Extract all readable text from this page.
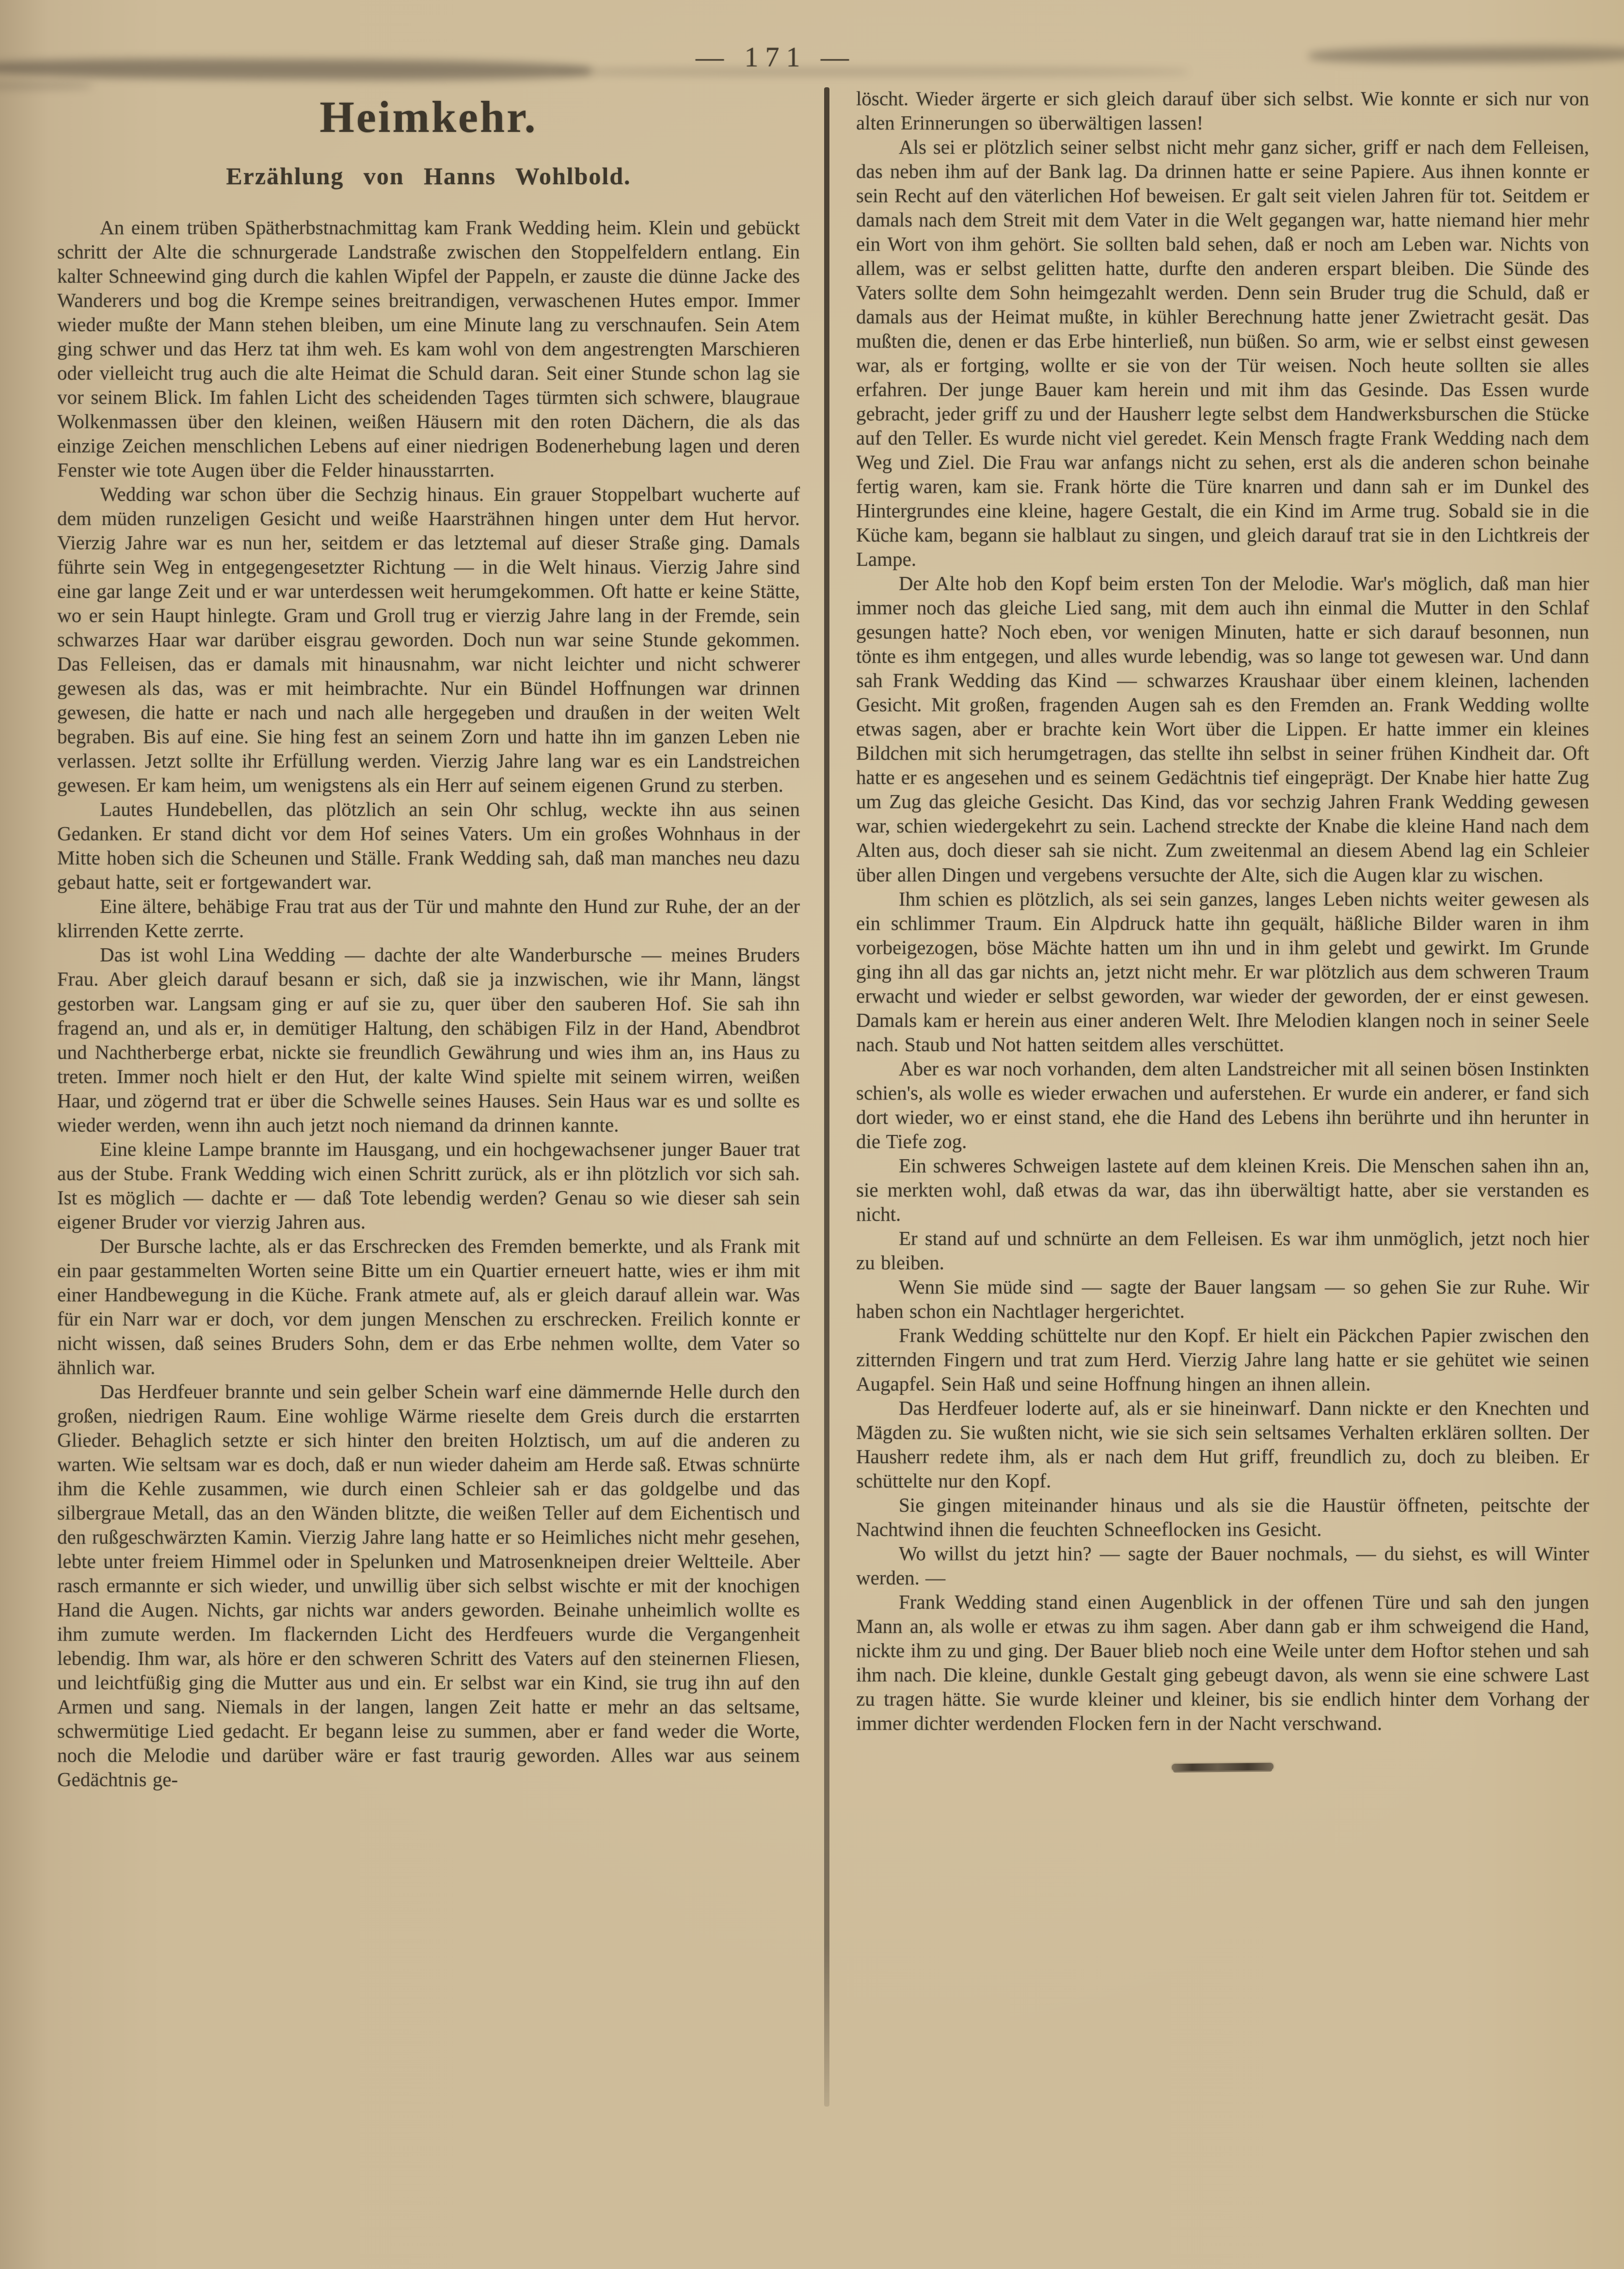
— 171 —
Heimkehr.
Erzählung von Hanns Wohlbold.

An einem trüben Spätherbstnachmittag kam Frank Wedding heim. Klein und gebückt schritt der Alte die schnurgerade Landstraße zwischen den Stoppelfeldern entlang. Ein kalter Schneewind ging durch die kahlen Wipfel der Pappeln, er zauste die dünne Jacke des Wanderers und bog die Krempe seines breitrandigen, verwaschenen Hutes empor. Immer wieder mußte der Mann stehen bleiben, um eine Minute lang zu verschnaufen. Sein Atem ging schwer und das Herz tat ihm weh. Es kam wohl von dem angestrengten Marschieren oder vielleicht trug auch die alte Heimat die Schuld daran. Seit einer Stunde schon lag sie vor seinem Blick. Im fahlen Licht des scheidenden Tages türmten sich schwere, blaugraue Wolkenmassen über den kleinen, weißen Häusern mit den roten Dächern, die als das einzige Zeichen menschlichen Lebens auf einer niedrigen Bodenerhebung lagen und deren Fenster wie tote Augen über die Felder hinausstarrten.

Wedding war schon über die Sechzig hinaus. Ein grauer Stoppelbart wucherte auf dem müden runzeligen Gesicht und weiße Haarsträhnen hingen unter dem Hut hervor. Vierzig Jahre war es nun her, seitdem er das letztemal auf dieser Straße ging. Damals führte sein Weg in entgegengesetzter Richtung — in die Welt hinaus. Vierzig Jahre sind eine gar lange Zeit und er war unterdessen weit herumgekommen. Oft hatte er keine Stätte, wo er sein Haupt hinlegte. Gram und Groll trug er vierzig Jahre lang in der Fremde, sein schwarzes Haar war darüber eisgrau geworden. Doch nun war seine Stunde gekommen. Das Felleisen, das er damals mit hinausnahm, war nicht leichter und nicht schwerer gewesen als das, was er mit heimbrachte. Nur ein Bündel Hoffnungen war drinnen gewesen, die hatte er nach und nach alle hergegeben und draußen in der weiten Welt begraben. Bis auf eine. Sie hing fest an seinem Zorn und hatte ihn im ganzen Leben nie verlassen. Jetzt sollte ihr Erfüllung werden. Vierzig Jahre lang war es ein Landstreichen gewesen. Er kam heim, um wenigstens als ein Herr auf seinem eigenen Grund zu sterben.

Lautes Hundebellen, das plötzlich an sein Ohr schlug, weckte ihn aus seinen Gedanken. Er stand dicht vor dem Hof seines Vaters. Um ein großes Wohnhaus in der Mitte hoben sich die Scheunen und Ställe. Frank Wedding sah, daß man manches neu dazu gebaut hatte, seit er fortgewandert war.

Eine ältere, behäbige Frau trat aus der Tür und mahnte den Hund zur Ruhe, der an der klirrenden Kette zerrte.

Das ist wohl Lina Wedding — dachte der alte Wanderbursche — meines Bruders Frau. Aber gleich darauf besann er sich, daß sie ja inzwischen, wie ihr Mann, längst gestorben war. Langsam ging er auf sie zu, quer über den sauberen Hof. Sie sah ihn fragend an, und als er, in demütiger Haltung, den schäbigen Filz in der Hand, Abendbrot und Nachtherberge erbat, nickte sie freundlich Gewährung und wies ihm an, ins Haus zu treten. Immer noch hielt er den Hut, der kalte Wind spielte mit seinem wirren, weißen Haar, und zögernd trat er über die Schwelle seines Hauses. Sein Haus war es und sollte es wieder werden, wenn ihn auch jetzt noch niemand da drinnen kannte.

Eine kleine Lampe brannte im Hausgang, und ein hochgewachsener junger Bauer trat aus der Stube. Frank Wedding wich einen Schritt zurück, als er ihn plötzlich vor sich sah. Ist es möglich — dachte er — daß Tote lebendig werden? Genau so wie dieser sah sein eigener Bruder vor vierzig Jahren aus.

Der Bursche lachte, als er das Erschrecken des Fremden bemerkte, und als Frank mit ein paar gestammelten Worten seine Bitte um ein Quartier erneuert hatte, wies er ihm mit einer Handbewegung in die Küche. Frank atmete auf, als er gleich darauf allein war. Was für ein Narr war er doch, vor dem jungen Menschen zu erschrecken. Freilich konnte er nicht wissen, daß seines Bruders Sohn, dem er das Erbe nehmen wollte, dem Vater so ähnlich war.

Das Herdfeuer brannte und sein gelber Schein warf eine dämmernde Helle durch den großen, niedrigen Raum. Eine wohlige Wärme rieselte dem Greis durch die erstarrten Glieder. Behaglich setzte er sich hinter den breiten Holztisch, um auf die anderen zu warten. Wie seltsam war es doch, daß er nun wieder daheim am Herde saß. Etwas schnürte ihm die Kehle zusammen, wie durch einen Schleier sah er das goldgelbe und das silbergraue Metall, das an den Wänden blitzte, die weißen Teller auf dem Eichentisch und den rußgeschwärzten Kamin. Vierzig Jahre lang hatte er so Heimliches nicht mehr gesehen, lebte unter freiem Himmel oder in Spelunken und Matrosenkneipen dreier Weltteile. Aber rasch ermannte er sich wieder, und unwillig über sich selbst wischte er mit der knochigen Hand die Augen. Nichts, gar nichts war anders geworden. Beinahe unheimlich wollte es ihm zumute werden. Im flackernden Licht des Herdfeuers wurde die Vergangenheit lebendig. Ihm war, als höre er den schweren Schritt des Vaters auf den steinernen Fliesen, und leichtfüßig ging die Mutter aus und ein. Er selbst war ein Kind, sie trug ihn auf den Armen und sang. Niemals in der langen, langen Zeit hatte er mehr an das seltsame, schwermütige Lied gedacht. Er begann leise zu summen, aber er fand weder die Worte, noch die Melodie und darüber wäre er fast traurig geworden. Alles war aus seinem Gedächtnis ge-

löscht. Wieder ärgerte er sich gleich darauf über sich selbst. Wie konnte er sich nur von alten Erinnerungen so überwältigen lassen!

Als sei er plötzlich seiner selbst nicht mehr ganz sicher, griff er nach dem Felleisen, das neben ihm auf der Bank lag. Da drinnen hatte er seine Papiere. Aus ihnen konnte er sein Recht auf den väterlichen Hof beweisen. Er galt seit vielen Jahren für tot. Seitdem er damals nach dem Streit mit dem Vater in die Welt gegangen war, hatte niemand hier mehr ein Wort von ihm gehört. Sie sollten bald sehen, daß er noch am Leben war. Nichts von allem, was er selbst gelitten hatte, durfte den anderen erspart bleiben. Die Sünde des Vaters sollte dem Sohn heimgezahlt werden. Denn sein Bruder trug die Schuld, daß er damals aus der Heimat mußte, in kühler Berechnung hatte jener Zwietracht gesät. Das mußten die, denen er das Erbe hinterließ, nun büßen. So arm, wie er selbst einst gewesen war, als er fortging, wollte er sie von der Tür weisen. Noch heute sollten sie alles erfahren. Der junge Bauer kam herein und mit ihm das Gesinde. Das Essen wurde gebracht, jeder griff zu und der Hausherr legte selbst dem Handwerksburschen die Stücke auf den Teller. Es wurde nicht viel geredet. Kein Mensch fragte Frank Wedding nach dem Weg und Ziel. Die Frau war anfangs nicht zu sehen, erst als die anderen schon beinahe fertig waren, kam sie. Frank hörte die Türe knarren und dann sah er im Dunkel des Hintergrundes eine kleine, hagere Gestalt, die ein Kind im Arme trug. Sobald sie in die Küche kam, begann sie halblaut zu singen, und gleich darauf trat sie in den Lichtkreis der Lampe.

Der Alte hob den Kopf beim ersten Ton der Melodie. War's möglich, daß man hier immer noch das gleiche Lied sang, mit dem auch ihn einmal die Mutter in den Schlaf gesungen hatte? Noch eben, vor wenigen Minuten, hatte er sich darauf besonnen, nun tönte es ihm entgegen, und alles wurde lebendig, was so lange tot gewesen war. Und dann sah Frank Wedding das Kind — schwarzes Kraushaar über einem kleinen, lachenden Gesicht. Mit großen, fragenden Augen sah es den Fremden an. Frank Wedding wollte etwas sagen, aber er brachte kein Wort über die Lippen. Er hatte immer ein kleines Bildchen mit sich herumgetragen, das stellte ihn selbst in seiner frühen Kindheit dar. Oft hatte er es angesehen und es seinem Gedächtnis tief eingeprägt. Der Knabe hier hatte Zug um Zug das gleiche Gesicht. Das Kind, das vor sechzig Jahren Frank Wedding gewesen war, schien wiedergekehrt zu sein. Lachend streckte der Knabe die kleine Hand nach dem Alten aus, doch dieser sah sie nicht. Zum zweitenmal an diesem Abend lag ein Schleier über allen Dingen und vergebens versuchte der Alte, sich die Augen klar zu wischen.

Ihm schien es plötzlich, als sei sein ganzes, langes Leben nichts weiter gewesen als ein schlimmer Traum. Ein Alpdruck hatte ihn gequält, häßliche Bilder waren in ihm vorbeigezogen, böse Mächte hatten um ihn und in ihm gelebt und gewirkt. Im Grunde ging ihn all das gar nichts an, jetzt nicht mehr. Er war plötzlich aus dem schweren Traum erwacht und wieder er selbst geworden, war wieder der geworden, der er einst gewesen. Damals kam er herein aus einer anderen Welt. Ihre Melodien klangen noch in seiner Seele nach. Staub und Not hatten seitdem alles verschüttet.

Aber es war noch vorhanden, dem alten Landstreicher mit all seinen bösen Instinkten schien's, als wolle es wieder erwachen und auferstehen. Er wurde ein anderer, er fand sich dort wieder, wo er einst stand, ehe die Hand des Lebens ihn berührte und ihn herunter in die Tiefe zog.

Ein schweres Schweigen lastete auf dem kleinen Kreis. Die Menschen sahen ihn an, sie merkten wohl, daß etwas da war, das ihn überwältigt hatte, aber sie verstanden es nicht.

Er stand auf und schnürte an dem Felleisen. Es war ihm unmöglich, jetzt noch hier zu bleiben.

Wenn Sie müde sind — sagte der Bauer langsam — so gehen Sie zur Ruhe. Wir haben schon ein Nachtlager hergerichtet.

Frank Wedding schüttelte nur den Kopf. Er hielt ein Päckchen Papier zwischen den zitternden Fingern und trat zum Herd. Vierzig Jahre lang hatte er sie gehütet wie seinen Augapfel. Sein Haß und seine Hoffnung hingen an ihnen allein.

Das Herdfeuer loderte auf, als er sie hineinwarf. Dann nickte er den Knechten und Mägden zu. Sie wußten nicht, wie sie sich sein seltsames Verhalten erklären sollten. Der Hausherr redete ihm, als er nach dem Hut griff, freundlich zu, doch zu bleiben. Er schüttelte nur den Kopf.

Sie gingen miteinander hinaus und als sie die Haustür öffneten, peitschte der Nachtwind ihnen die feuchten Schneeflocken ins Gesicht.

Wo willst du jetzt hin? — sagte der Bauer nochmals, — du siehst, es will Winter werden. —

Frank Wedding stand einen Augenblick in der offenen Türe und sah den jungen Mann an, als wolle er etwas zu ihm sagen. Aber dann gab er ihm schweigend die Hand, nickte ihm zu und ging. Der Bauer blieb noch eine Weile unter dem Hoftor stehen und sah ihm nach. Die kleine, dunkle Gestalt ging gebeugt davon, als wenn sie eine schwere Last zu tragen hätte. Sie wurde kleiner und kleiner, bis sie endlich hinter dem Vorhang der immer dichter werdenden Flocken fern in der Nacht verschwand.
